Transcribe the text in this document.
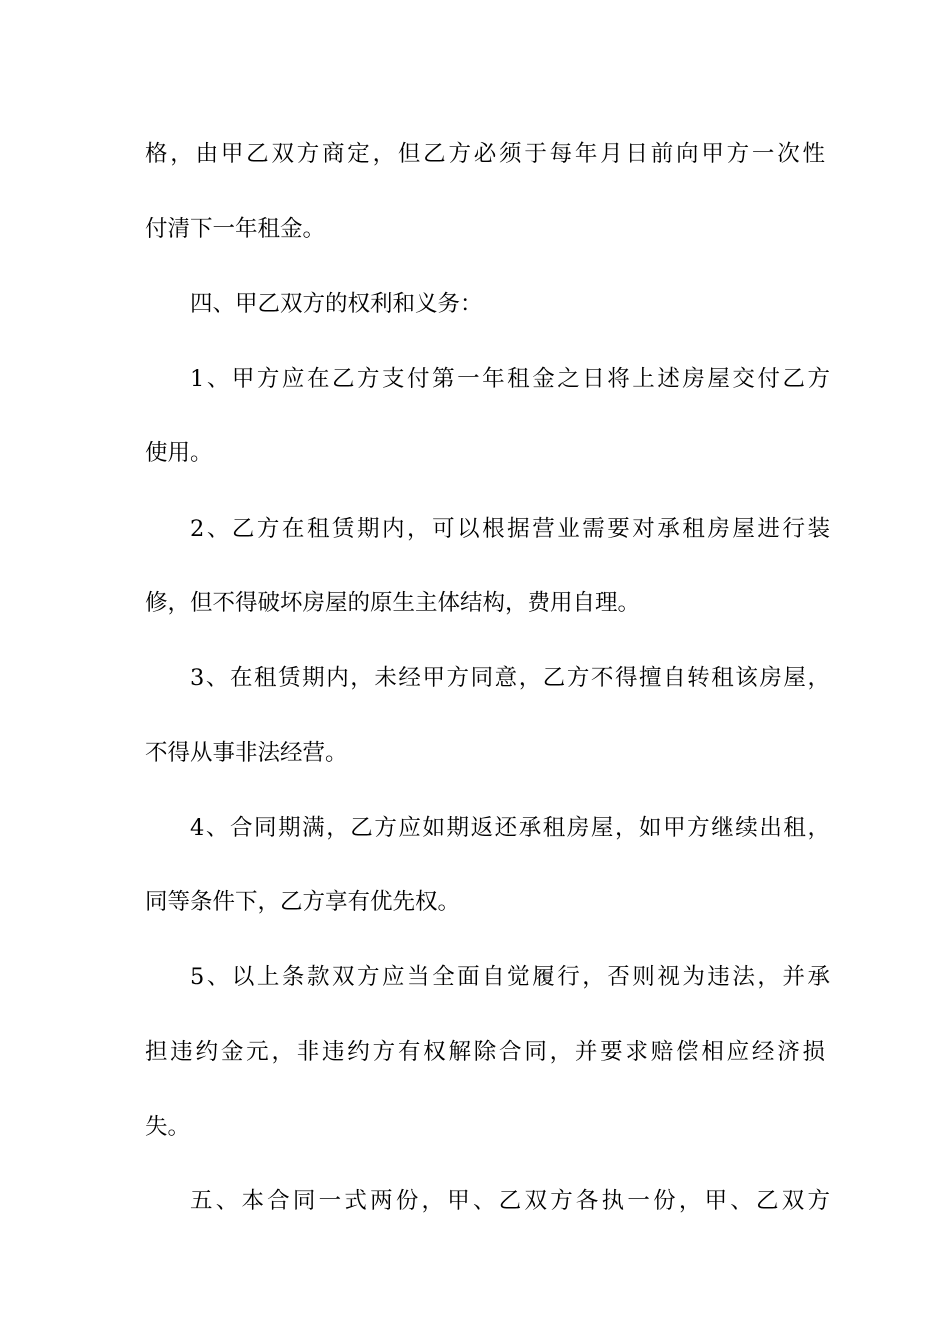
格，由甲乙双方商定，但乙方必须于每年月日前向甲方一次性
付清下一年租金。
四、甲乙双方的权利和义务：
1、甲方应在乙方支付第一年租金之日将上述房屋交付乙方
使用。
2、乙方在租赁期内，可以根据营业需要对承租房屋进行装
修，但不得破坏房屋的原生主体结构，费用自理。
3、在租赁期内，未经甲方同意，乙方不得擅自转租该房屋，
不得从事非法经营。
4、合同期满，乙方应如期返还承租房屋，如甲方继续出租，
同等条件下，乙方享有优先权。
5、以上条款双方应当全面自觉履行，否则视为违法，并承
担违约金元，非违约方有权解除合同，并要求赔偿相应经济损
失。
五、本合同一式两份，甲、乙双方各执一份，甲、乙双方
